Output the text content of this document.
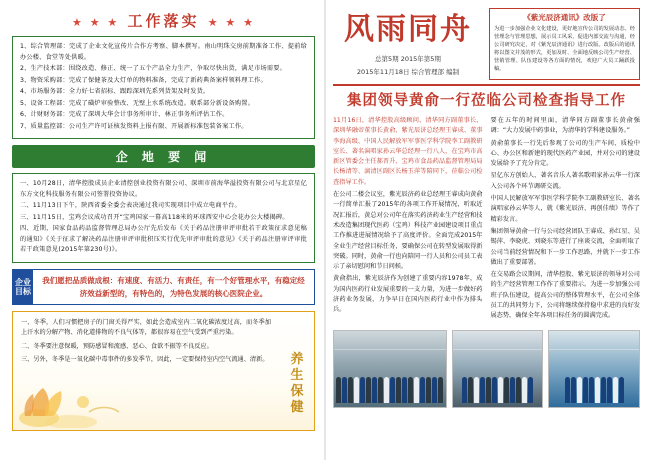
★ ★ ★ 工作落实 ★ ★ ★

1、综合管理部：完成了企业文化宣传片合作方考察、脚本撰写。南山明珠交房前期准备工作、提前给办公楼、食堂等处供暖。

2、生产技术部：围绕改造、修正、统一了五个产品全力生产，争取尽快出货，满足市场需要。

3、物资采购部：完成了保健茶及大灯单的物料准备，完成了新药典备案样领料理工作。

4、市场服务部：全力好七省招标、跟踪深圳先系列货架及时发货。

5、设备工程部：完成了磺炉审验整改、无壁上水系统改造。联系部分新设备购置。

6、计财财务部：完成了深圳大华会计事务所审计、林正事务所评估工作。

7、质量监控部：公司生产许可证核发资料上报有限、开展新标准包装备案工作。

企 地 要 闻

一、10月28日，清华控股成员企业清控创业投资有限公司、深圳市前海华溢投资有限公司与北京星亿东方文化科技服务有限公司签署投资协议。

二、11月13日下午，陕西省委全委会表决通过我司实现项目中成立电商平台。

三、11月15日，宝鸡会议成功召开“宝鸡国家一幕高118米的环球西安中心会花办公大楼揭碑。

四、近期，国家食品药品监督管理总局办公厅先后发布《关于药品注册审评审批若干政策征求意见稿的通知》《关于征求了解决药品注册审评审批积压实行优先审评审批的意见》《关于药品注册审评审批若干政策意见(2015年第230号)》。

企业目标
我们愿把品质做成根：有速度、有活力、有责任，有一个好管理水平，有稳定经济效益新型的，有特色的，为特色发展的核心医院企业。
养生保健

一、冬季，人们习惯把房子的门窗关得严实，如此会造成室内二氧化碳浓度过高，而冬季加上汗水的分解产物、消化道排物的不良气体等，都很容易在空气受到严重污染。

二、冬季要注意保暖，预防感冒和流感、恶心、食欲不振等不良反应。

三、另外，冬季是一氧化碳中毒事件的多发季节，因此，一定要保持室内空气流通、清新。

风雨同舟
总第5期 2015年第5期
2015年11月18日 综合管理部 编制
《紫光辰济通讯》改版了
为进一步加强企业文化建设，更好地宣传公司的发展动态、经营理念与管理思想，展示员工风采，促进内部交流与沟通，经公司研究决定，对《紫光辰济通讯》进行改版。改版后的通讯将以图文并茂的形式，更加及时、全面地反映公司生产经营、营销管理、队伍建设等各方面的情况，欢迎广大员工踊跃投稿。
集团领导黄俞一行莅临公司检查指导工作

11月16日，清华控股高级顾问、清华同方副董事长、深圳华融帝董事长黄俞、紫光辰济总经理王睿成、董事李海高级、中国人民解放军军事医学科学院李工副教研室长、著名演唱家孙云华总经理一行八人，在宝鸡市高新区管委会主任郝晋升、宝鸡市食品药品监督管理局局长杨清等、漓清区副区长杨玉萍等陪同下，莅临公司检查指导工作。

在公司二楼会议室，紫光辰济药业总经理王睿成向黄俞一行简单汇报了2015年的各项工作开展情况，听取近况汇报后，黄总对公司年在落实药济药业生产经营和技术改造集团现代医药（宝鸡）科技产业园建设项目重点工作推进进展情况给予了高度评价。全面完成2015年全业生产经营目标任务，要确保公司在转型发展取得新突破。同时，黄俞一行也向陪同一行人员和公司员工表示了亲切慰问和节日问候。

黄俞指出，紫光辰济作为创建了重要内容1978年，成为国内医药行业发展重要的一支力量，为进一步做好药济药业务发展，力争早日在国内医药行业中作为排头兵。

要在五年的时间里面，清华同方副董事长黄俞强调：“大力发展中药事业，为清华的学科建设服务。”

黄俞董事长一行先后参观了公司的生产车间、质检中心、办公区和新建的现代医药产业园，并对公司的建设发展给予了充分肯定。

星亿东方创始人、著名音乐人著名歌唱家孙云华一行深入公司各个环节调研交流。

中国人民解放军军事医学科学院李工副教研室长、著名演唱家孙云华等人，就《紫光辰济、再创佳绩》等作了精彩发言。

集团领导黄俞一行与公司经营团队王睿成、孙红星、吴锡萍、李晓虎、刘晓东等进行了座谈交流，全面听取了公司当前经营情况和下一步工作思路，并就下一步工作做出了重要部署。

在交易路会议期间，清华控股、紫光辰济的领导对公司的生产经营管理工作作了重要指示。为进一步加强公司班子队伍建设，提高公司的整体管理水平，在公司全体员工的共同努力下，公司将继续保持稳中求进的良好发展态势，确保全年各项目标任务的圆满完成。
